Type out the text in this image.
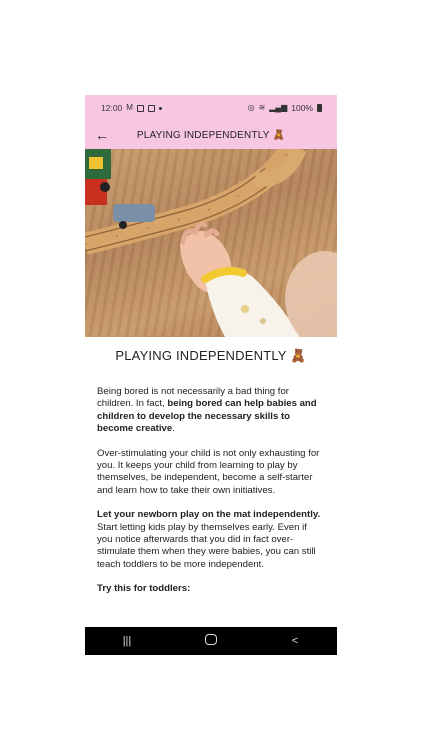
12:00 M	◎ ≋ ▂▄▆ 100%
←	PLAYING INDEPENDENTLY 🧸
PLAYING INDEPENDENTLY 🧸

Being bored is not necessarily a bad thing for children. In fact, being bored can help babies and children to develop the necessary skills to become creative.

Over-stimulating your child is not only exhausting for you. It keeps your child from learning to play by themselves, be independent, become a self-starter and learn how to take their own initiatives.

Let your newborn play on the mat independently. Start letting kids play by themselves early. Even if you notice afterwards that you did in fact over-stimulate them when they were babies, you can still teach toddlers to be more independent.

Try this for toddlers:

|||	<
